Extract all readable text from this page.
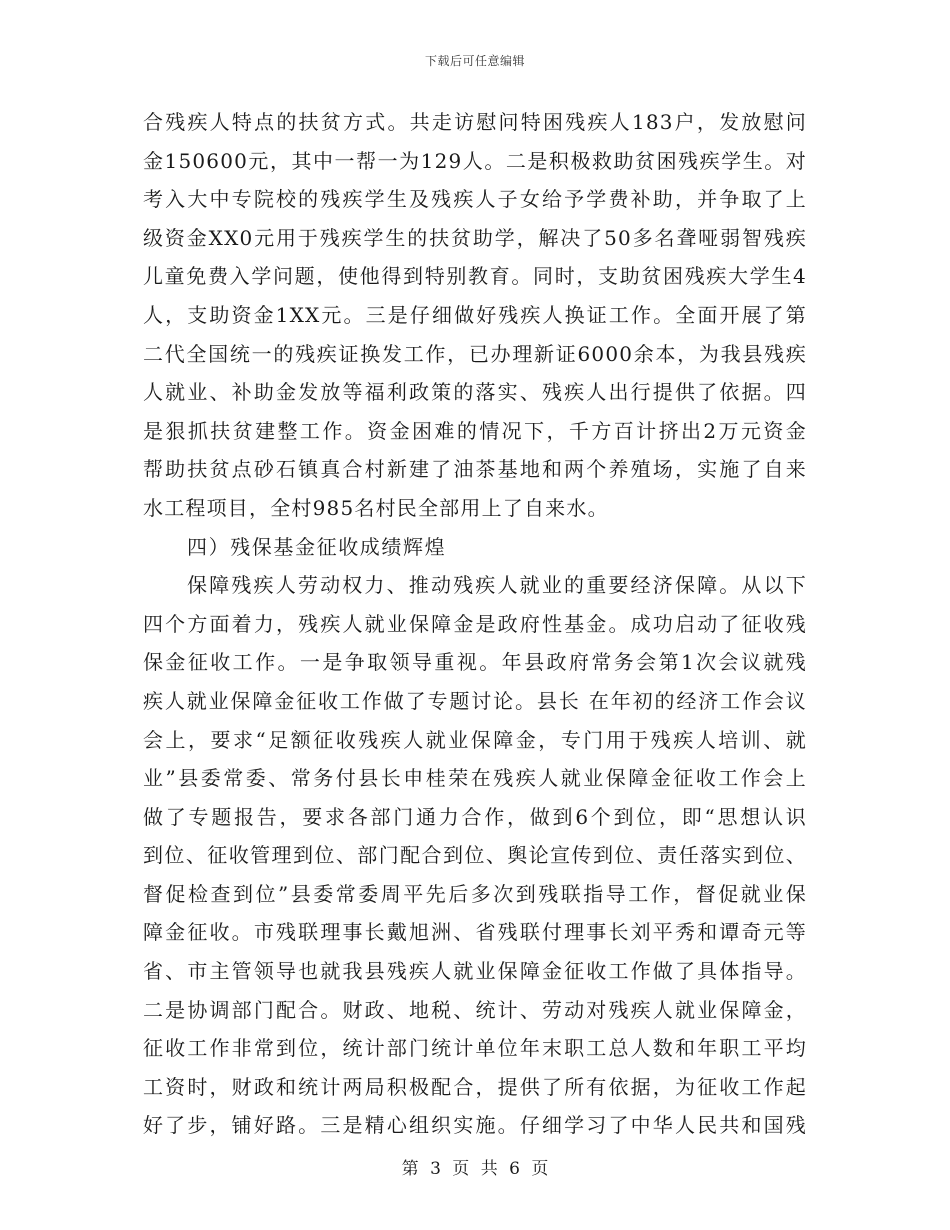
下载后可任意编辑
合残疾人特点的扶贫方式。共走访慰问特困残疾人183户，发放慰问
金150600元，其中一帮一为129人。二是积极救助贫困残疾学生。对
考入大中专院校的残疾学生及残疾人子女给予学费补助，并争取了上
级资金XX0元用于残疾学生的扶贫助学，解决了50多名聋哑弱智残疾
儿童免费入学问题，使他得到特别教育。同时，支助贫困残疾大学生4
人，支助资金1XX元。三是仔细做好残疾人换证工作。全面开展了第
二代全国统一的残疾证换发工作，已办理新证6000余本，为我县残疾
人就业、补助金发放等福利政策的落实、残疾人出行提供了依据。四
是狠抓扶贫建整工作。资金困难的情况下，千方百计挤出2万元资金
帮助扶贫点砂石镇真合村新建了油茶基地和两个养殖场，实施了自来
水工程项目，全村985名村民全部用上了自来水。
四）残保基金征收成绩辉煌
保障残疾人劳动权力、推动残疾人就业的重要经济保障。从以下
四个方面着力，残疾人就业保障金是政府性基金。成功启动了征收残
保金征收工作。一是争取领导重视。年县政府常务会第1次会议就残
疾人就业保障金征收工作做了专题讨论。县长 在年初的经济工作会议
会上，要求“足额征收残疾人就业保障金，专门用于残疾人培训、就
业”县委常委、常务付县长申桂荣在残疾人就业保障金征收工作会上
做了专题报告，要求各部门通力合作，做到6个到位，即“思想认识
到位、征收管理到位、部门配合到位、舆论宣传到位、责任落实到位、
督促检查到位”县委常委周平先后多次到残联指导工作，督促就业保
障金征收。市残联理事长戴旭洲、省残联付理事长刘平秀和谭奇元等
省、市主管领导也就我县残疾人就业保障金征收工作做了具体指导。
二是协调部门配合。财政、地税、统计、劳动对残疾人就业保障金，
征收工作非常到位，统计部门统计单位年末职工总人数和年职工平均
工资时，财政和统计两局积极配合，提供了所有依据，为征收工作起
好了步，铺好路。三是精心组织实施。仔细学习了中华人民共和国残
第 3 页 共 6 页
